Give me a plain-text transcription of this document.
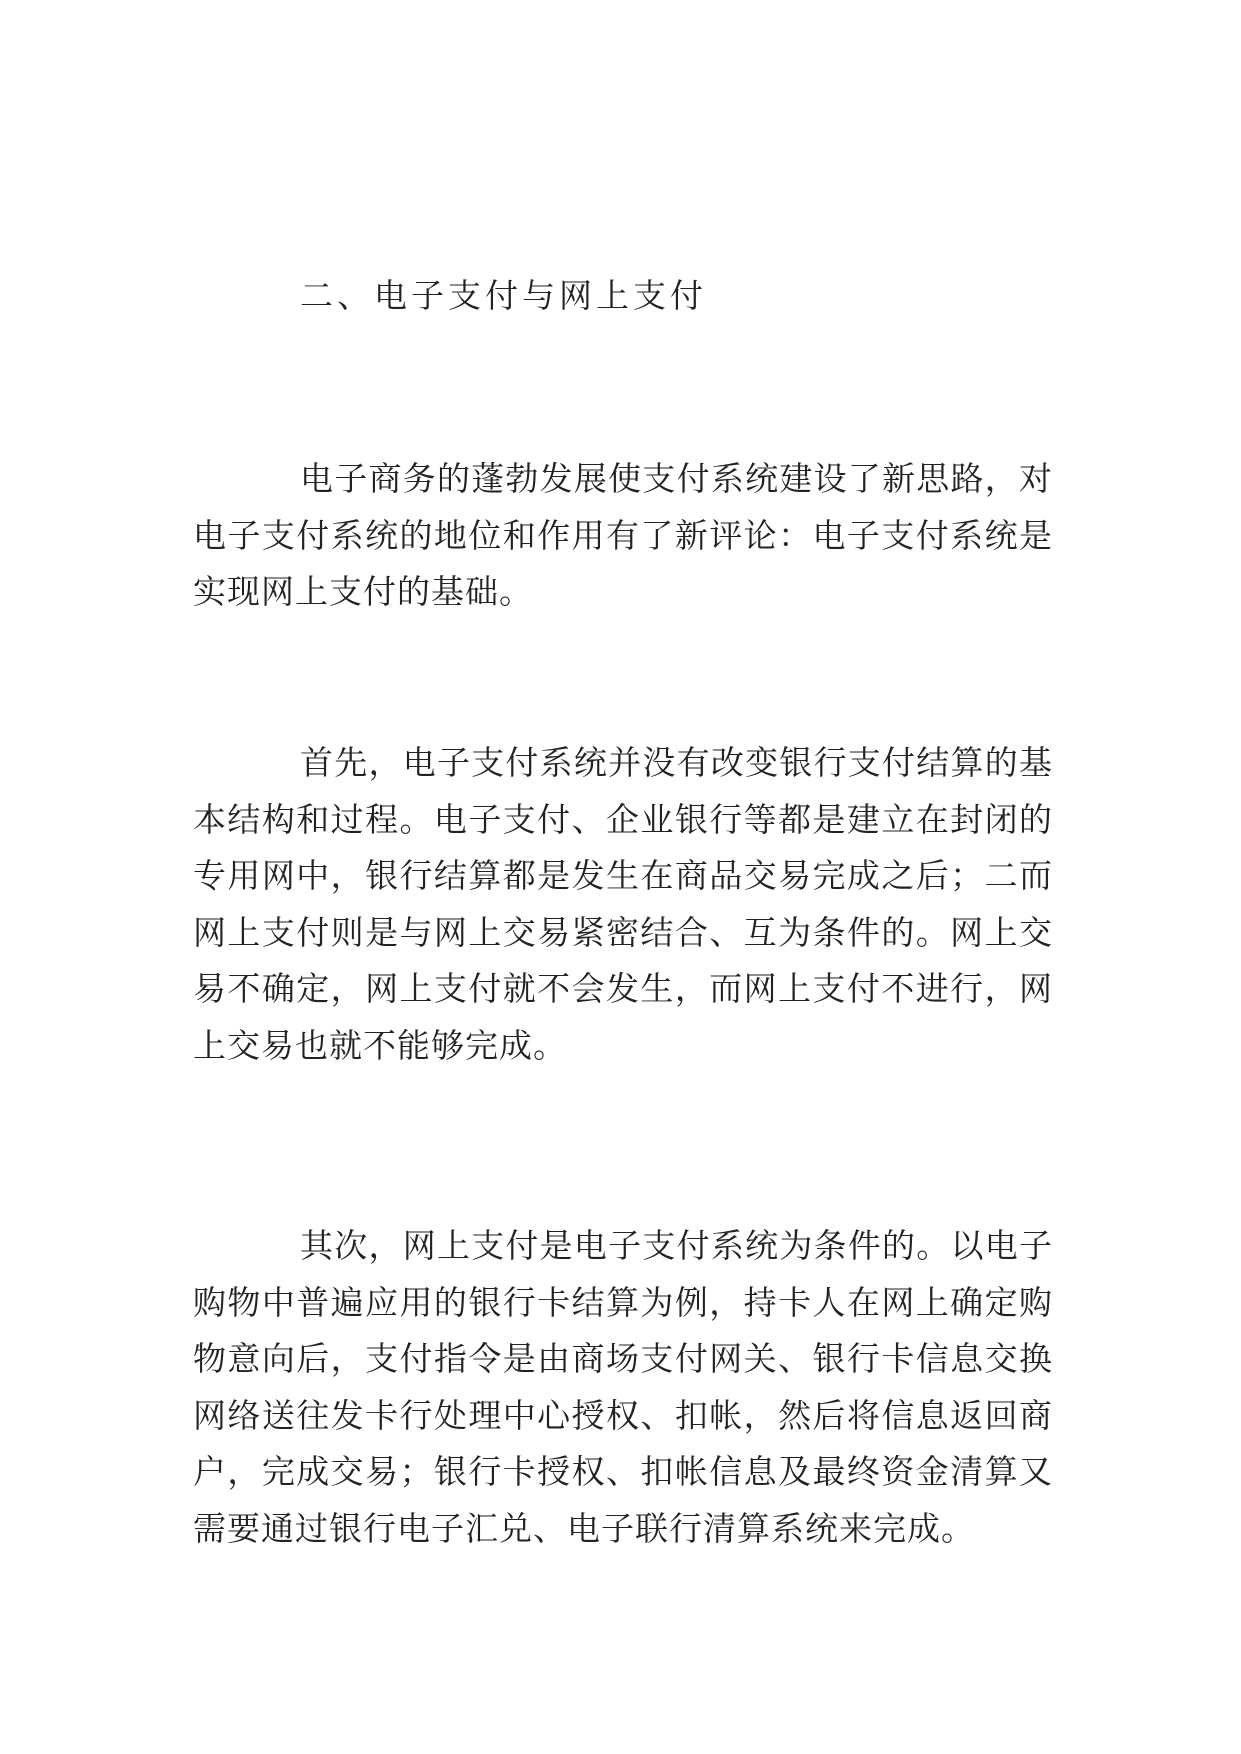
二、电子支付与网上支付

电子商务的蓬勃发展使支付系统建设了新思路，对电子支付系统的地位和作用有了新评论：电子支付系统是实现网上支付的基础。

首先，电子支付系统并没有改变银行支付结算的基本结构和过程。电子支付、企业银行等都是建立在封闭的专用网中，银行结算都是发生在商品交易完成之后；二而网上支付则是与网上交易紧密结合、互为条件的。网上交易不确定，网上支付就不会发生，而网上支付不进行，网上交易也就不能够完成。

其次，网上支付是电子支付系统为条件的。以电子购物中普遍应用的银行卡结算为例，持卡人在网上确定购物意向后，支付指令是由商场支付网关、银行卡信息交换网络送往发卡行处理中心授权、扣帐，然后将信息返回商户，完成交易；银行卡授权、扣帐信息及最终资金清算又需要通过银行电子汇兑、电子联行清算系统来完成。
